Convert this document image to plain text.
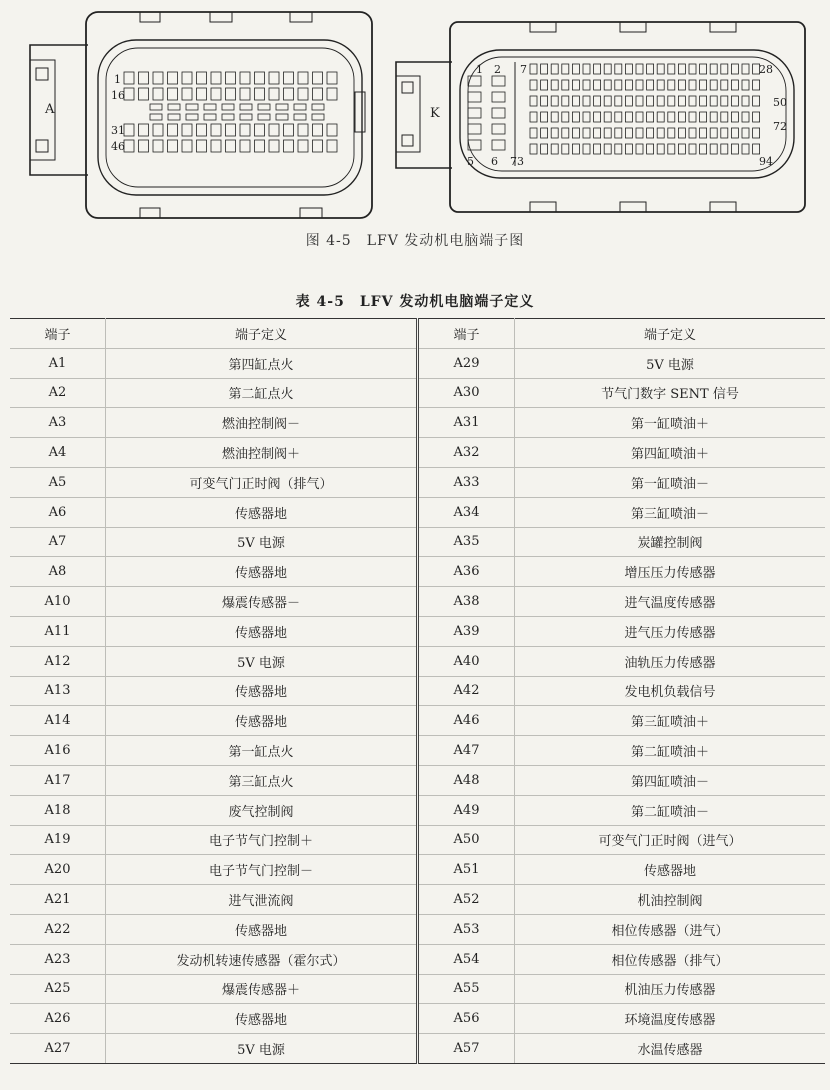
A
1
16
31
46
K
1 2 7	28
50
72
5 6 73	94
图 4-5　LFV 发动机电脑端子图
表 4-5　LFV 发动机电脑端子定义
端子	端子定义	端子	端子定义
A1	第四缸点火	A29	5V 电源
A2	第二缸点火	A30	节气门数字 SENT 信号
A3	燃油控制阀－	A31	第一缸喷油＋
A4	燃油控制阀＋	A32	第四缸喷油＋
A5	可变气门正时阀（排气）	A33	第一缸喷油－
A6	传感器地	A34	第三缸喷油－
A7	5V 电源	A35	炭罐控制阀
A8	传感器地	A36	增压压力传感器
A10	爆震传感器－	A38	进气温度传感器
A11	传感器地	A39	进气压力传感器
A12	5V 电源	A40	油轨压力传感器
A13	传感器地	A42	发电机负载信号
A14	传感器地	A46	第三缸喷油＋
A16	第一缸点火	A47	第二缸喷油＋
A17	第三缸点火	A48	第四缸喷油－
A18	废气控制阀	A49	第二缸喷油－
A19	电子节气门控制＋	A50	可变气门正时阀（进气）
A20	电子节气门控制－	A51	传感器地
A21	进气泄流阀	A52	机油控制阀
A22	传感器地	A53	相位传感器（进气）
A23	发动机转速传感器（霍尔式）	A54	相位传感器（排气）
A25	爆震传感器＋	A55	机油压力传感器
A26	传感器地	A56	环境温度传感器
A27	5V 电源	A57	水温传感器
